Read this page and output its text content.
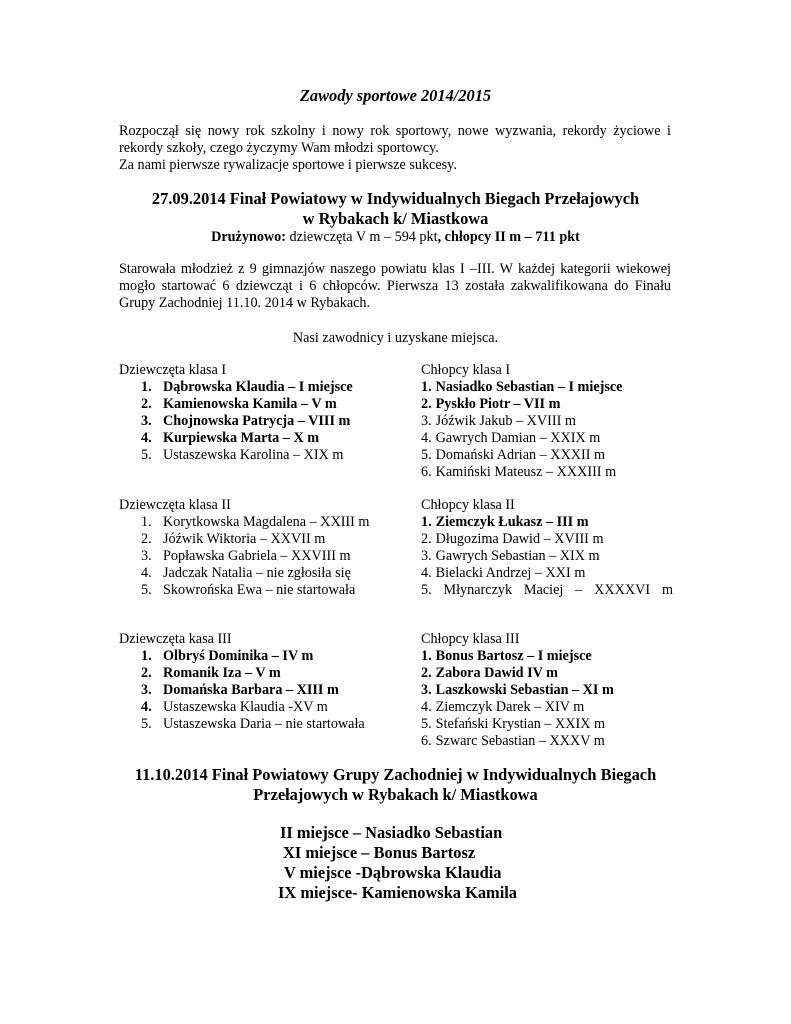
Zawody sportowe 2014/2015

Rozpoczął się nowy rok szkolny i nowy rok sportowy, nowe wyzwania, rekordy życiowe i rekordy szkoły, czego życzymy Wam młodzi sportowcy.

Za nami pierwsze rywalizacje sportowe i pierwsze sukcesy.

27.09.2014 Finał Powiatowy w Indywidualnych Biegach Przełajowych
w Rybakach k/ Miastkowa
Drużynowo: dziewczęta V m – 594 pkt, chłopcy II m – 711 pkt
Starowała młodzież z 9 gimnazjów naszego powiatu klas I –III. W każdej kategorii wiekowej mogło startować 6 dziewcząt i 6 chłopców. Pierwsza 13 została zakwalifikowana do Finału Grupy Zachodniej 11.10. 2014 w Rybakach.
Nasi zawodnicy i uzyskane miejsca.
Dziewczęta klasa I
1. Dąbrowska Klaudia – I miejsce
2. Kamienowska Kamila – V m
3. Chojnowska Patrycja – VIII m
4. Kurpiewska Marta – X m
5. Ustaszewska Karolina – XIX m
Chłopcy klasa I
1. Nasiadko Sebastian – I miejsce
2. Pyskło Piotr – VII m
3. Jóźwik Jakub – XVIII m
4. Gawrych Damian – XXIX m
5. Domański Adrian – XXXII m
6. Kamiński Mateusz – XXXIII m
Dziewczęta klasa II
1. Korytkowska Magdalena – XXIII m
2. Jóźwik Wiktoria – XXVII m
3. Popławska Gabriela – XXVIII m
4. Jadczak Natalia – nie zgłosiła się
5. Skowrońska Ewa – nie startowała
Chłopcy klasa II
1. Ziemczyk Łukasz – III m
2. Długozima Dawid – XVIII m
3. Gawrych Sebastian – XIX m
4. Bielacki Andrzej – XXI m
5. Młynarczyk Maciej – XXXXVI m
Dziewczęta kasa III
1. Olbryś Dominika – IV m
2. Romanik Iza – V m
3. Domańska Barbara – XIII m
4. Ustaszewska Klaudia -XV m
5. Ustaszewska Daria – nie startowała
Chłopcy klasa III
1. Bonus Bartosz – I miejsce
2. Zabora Dawid IV m
3. Laszkowski Sebastian – XI m
4. Ziemczyk Darek – XIV m
5. Stefański Krystian – XXIX m
6. Szwarc Sebastian – XXXV m
11.10.2014 Finał Powiatowy Grupy Zachodniej w Indywidualnych Biegach
Przełajowych w Rybakach k/ Miastkowa
II miejsce – Nasiadko Sebastian
XI miejsce – Bonus Bartosz
V miejsce -Dąbrowska Klaudia
IX miejsce- Kamienowska Kamila
